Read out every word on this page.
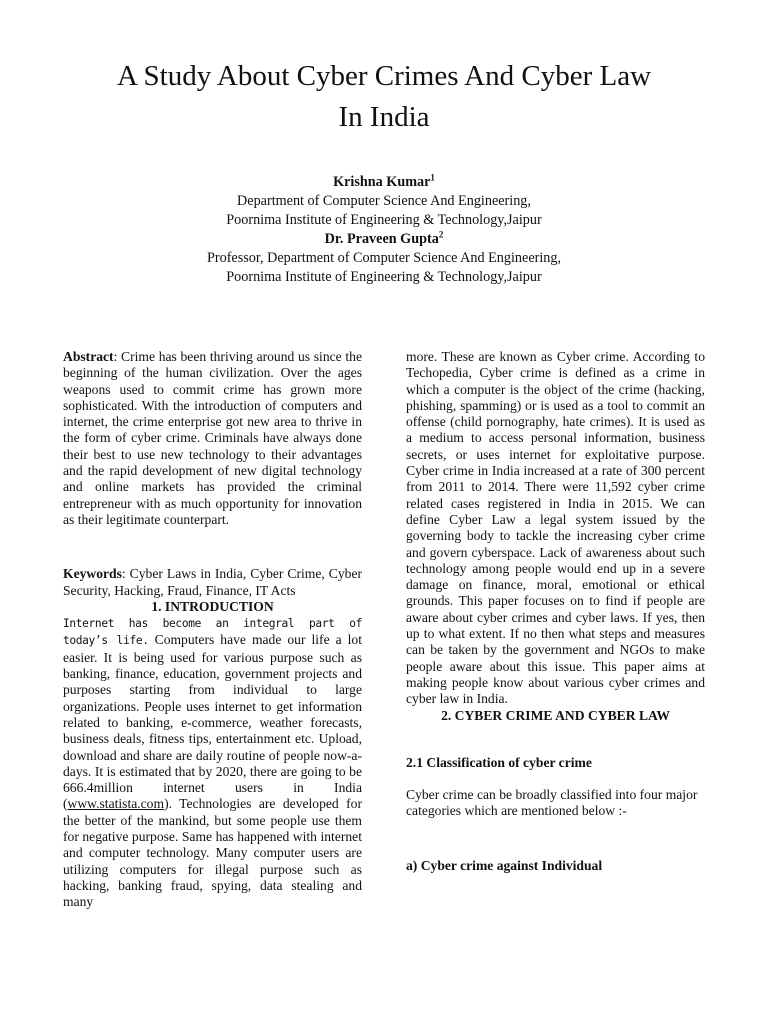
A Study About Cyber Crimes And Cyber Law
In India
Krishna Kumar$^1$
Department of Computer Science And Engineering,
Poornima Institute of Engineering & Technology,Jaipur
Dr. Praveen Gupta$^2$
Professor, Department of Computer Science And Engineering,
Poornima Institute of Engineering & Technology,Jaipur

Abstract: Crime has been thriving around us since the beginning of the human civilization. Over the ages weapons used to commit crime has grown more sophisticated. With the introduction of computers and internet, the crime enterprise got new area to thrive in the form of cyber crime. Criminals have always done their best to use new technology to their advantages and the rapid development of new digital technology and online markets has provided the criminal entrepreneur with as much opportunity for innovation as their legitimate counterpart.

Keywords: Cyber Laws in India, Cyber Crime, Cyber Security, Hacking, Fraud, Finance, IT Acts

1. INTRODUCTION

Internet has become an integral part of today’s life. Computers have made our life a lot easier. It is being used for various purpose such as banking, finance, education, government projects and purposes starting from individual to large organizations. People uses internet to get information related to banking, e-commerce, weather forecasts, business deals, fitness tips, entertainment etc. Upload, download and share are daily routine of people now-a-days. It is estimated that by 2020, there are going to be 666.4million internet users in India (www.statista.com). Technologies are developed for the better of the mankind, but some people use them for negative purpose. Same has happened with internet and computer technology. Many computer users are utilizing computers for illegal purpose such as hacking, banking fraud, spying, data stealing and many

more. These are known as Cyber crime. According to Techopedia, Cyber crime is defined as a crime in which a computer is the object of the crime (hacking, phishing, spamming) or is used as a tool to commit an offense (child pornography, hate crimes). It is used as a medium to access personal information, business secrets, or uses internet for exploitative purpose. Cyber crime in India increased at a rate of 300 percent from 2011 to 2014. There were 11,592 cyber crime related cases registered in India in 2015. We can define Cyber Law a legal system issued by the governing body to tackle the increasing cyber crime and govern cyberspace. Lack of awareness about such technology among people would end up in a severe damage on finance, moral, emotional or ethical grounds. This paper focuses on to find if people are aware about cyber crimes and cyber laws. If yes, then up to what extent. If no then what steps and measures can be taken by the government and NGOs to make people aware about this issue. This paper aims at making people know about various cyber crimes and cyber law in India.

2. CYBER CRIME AND CYBER LAW

2.1 Classification of cyber crime

Cyber crime can be broadly classified into four major categories which are mentioned below :-

a) Cyber crime against Individual
